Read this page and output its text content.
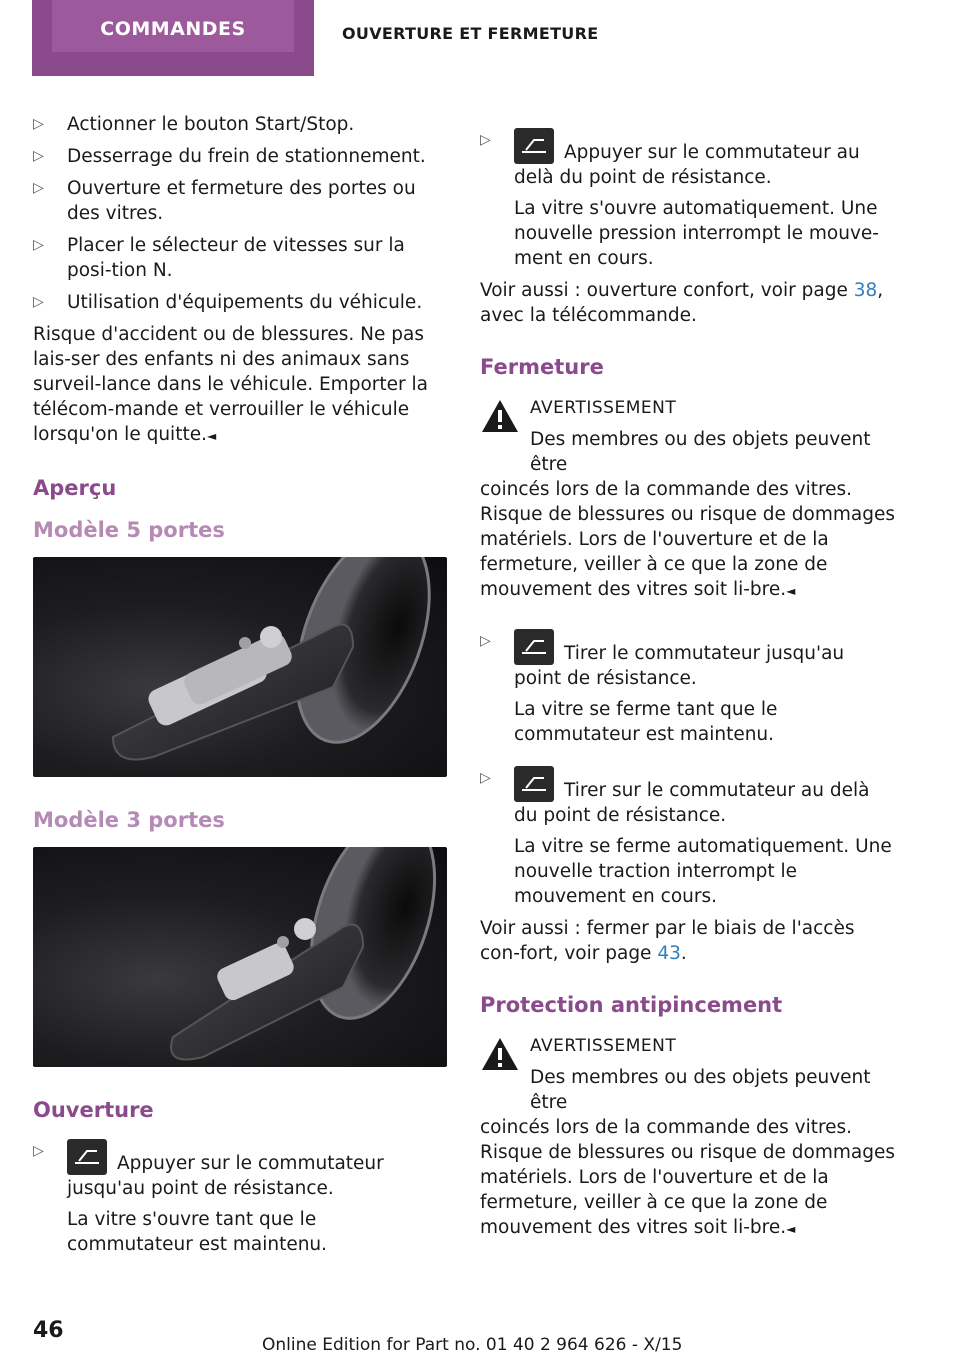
COMMANDES	OUVERTURE ET FERMETURE
▷ Actionner le bouton Start/Stop.
▷ Desserrage du frein de stationnement.
▷ Ouverture et fermeture des portes ou des vitres.
▷ Placer le sélecteur de vitesses sur la posi-tion N.
▷ Utilisation d'équipements du véhicule.

Risque d'accident ou de blessures. Ne pas lais-ser des enfants ni des animaux sans surveil-lance dans le véhicule. Emporter la télécom-mande et verrouiller le véhicule lorsqu'on le quitte.◄

Aperçu
Modèle 5 portes
Modèle 3 portes
Ouverture
▷
Appuyer sur le commutateur jusqu'au point de résistance.
La vitre s'ouvre tant que le commutateur est maintenu.
▷
Appuyer sur le commutateur au delà du point de résistance.
La vitre s'ouvre automatiquement. Une nouvelle pression interrompt le mouve-ment en cours.

Voir aussi : ouverture confort, voir page 38, avec la télécommande.

Fermeture
AVERTISSEMENT
Des membres ou des objets peuvent être

coincés lors de la commande des vitres. Risque de blessures ou risque de dommages matériels. Lors de l'ouverture et de la fermeture, veiller à ce que la zone de mouvement des vitres soit li-bre.◄

▷
Tirer le commutateur jusqu'au point de résistance.
La vitre se ferme tant que le commutateur est maintenu.
▷
Tirer sur le commutateur au delà du point de résistance.
La vitre se ferme automatiquement. Une nouvelle traction interrompt le mouvement en cours.

Voir aussi : fermer par le biais de l'accès con-fort, voir page 43.

Protection antipincement
AVERTISSEMENT
Des membres ou des objets peuvent être

coincés lors de la commande des vitres. Risque de blessures ou risque de dommages matériels. Lors de l'ouverture et de la fermeture, veiller à ce que la zone de mouvement des vitres soit li-bre.◄

46
Online Edition for Part no. 01 40 2 964 626 - X/15
